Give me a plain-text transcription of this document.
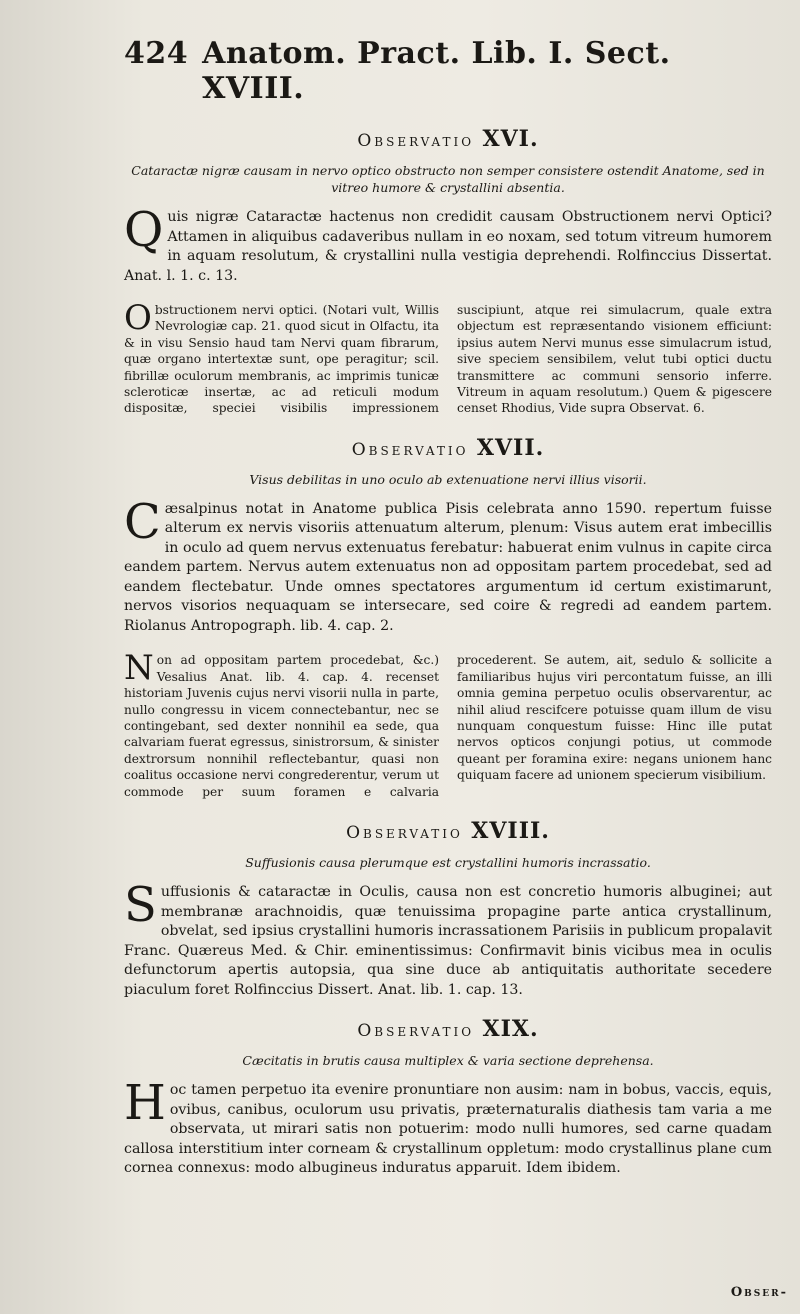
424 Anatom. Pract. Lib. I. Sect. XVIII.
Observatio XVI.
Cataractæ nigræ causam in nervo optico obstructo non semper consistere ostendit Anatome, sed in vitreo humore & crystallini absentia.

Quis nigræ Cataractæ hactenus non credidit causam Obstructionem nervi Optici? Attamen in aliquibus cadaveribus nullam in eo noxam, sed totum vitreum humorem in aquam resolutum, & crystallini nulla vestigia deprehendi. Rolfinccius Dissertat. Anat. l. 1. c. 13.

Obstructionem nervi optici. (Notari vult, Willis Nevrologiæ cap. 21. quod sicut in Olfactu, ita & in visu Sensio haud tam Nervi quam fibrarum, quæ organo intertextæ sunt, ope peragitur; scil. fibrillæ oculorum membranis, ac imprimis tunicæ scleroticæ insertæ, ac ad reticuli modum dispositæ, speciei visibilis impressionem suscipiunt, atque rei simulacrum, quale extra objectum est repræsentando visionem efficiunt: ipsius autem Nervi munus esse simulacrum istud, sive speciem sensibilem, velut tubi optici ductu transmittere ac communi sensorio inferre. Vitreum in aquam resolutum.) Quem & pigescere censet Rhodius, Vide supra Observat. 6.
Observatio XVII.
Visus debilitas in uno oculo ab extenuatione nervi illius visorii.

Cæsalpinus notat in Anatome publica Pisis celebrata anno 1590. repertum fuisse alterum ex nervis visoriis attenuatum alterum, plenum: Visus autem erat imbecillis in oculo ad quem nervus extenuatus ferebatur: habuerat enim vulnus in capite circa eandem partem. Nervus autem extenuatus non ad oppositam partem procedebat, sed ad eandem flectebatur. Unde omnes spectatores argumentum id certum existimarunt, nervos visorios nequaquam se intersecare, sed coire & regredi ad eandem partem. Riolanus Antropograph. lib. 4. cap. 2.

Non ad oppositam partem procedebat, &c.) Vesalius Anat. lib. 4. cap. 4. recenset historiam Juvenis cujus nervi visorii nulla in parte, nullo congressu in vicem connectebantur, nec se contingebant, sed dexter nonnihil ea sede, qua calvariam fuerat egressus, sinistrorsum, & sinister dextrorsum nonnihil reflectebantur, quasi non coalitus occasione nervi congrederentur, verum ut commode per suum foramen e calvaria procederent. Se autem, ait, sedulo & sollicite a familiaribus hujus viri percontatum fuisse, an illi omnia gemina perpetuo oculis observarentur, ac nihil aliud rescifcere potuisse quam illum de visu nunquam conquestum fuisse: Hinc ille putat nervos opticos conjungi potius, ut commode queant per foramina exire: negans unionem hanc quiquam facere ad unionem specierum visibilium.
Observatio XVIII.
Suffusionis causa plerumque est crystallini humoris incrassatio.

Suffusionis & cataractæ in Oculis, causa non est concretio humoris albuginei; aut membranæ arachnoidis, quæ tenuissima propagine parte antica crystallinum, obvelat, sed ipsius crystallini humoris incrassationem Parisiis in publicum propalavit Franc. Quæreus Med. & Chir. eminentissimus: Confirmavit binis vicibus mea in oculis defunctorum apertis autopsia, qua sine duce ab antiquitatis authoritate secedere piaculum foret Rolfinccius Dissert. Anat. lib. 1. cap. 13.

Observatio XIX.
Cæcitatis in brutis causa multiplex & varia sectione deprehensa.

Hoc tamen perpetuo ita evenire pronuntiare non ausim: nam in bobus, vaccis, equis, ovibus, canibus, oculorum usu privatis, præternaturalis diathesis tam varia a me observata, ut mirari satis non potuerim: modo nulli humores, sed carne quadam callosa interstitium inter corneam & crystallinum oppletum: modo crystallinus plane cum cornea connexus: modo albugineus induratus apparuit. Idem ibidem.

Obser-
